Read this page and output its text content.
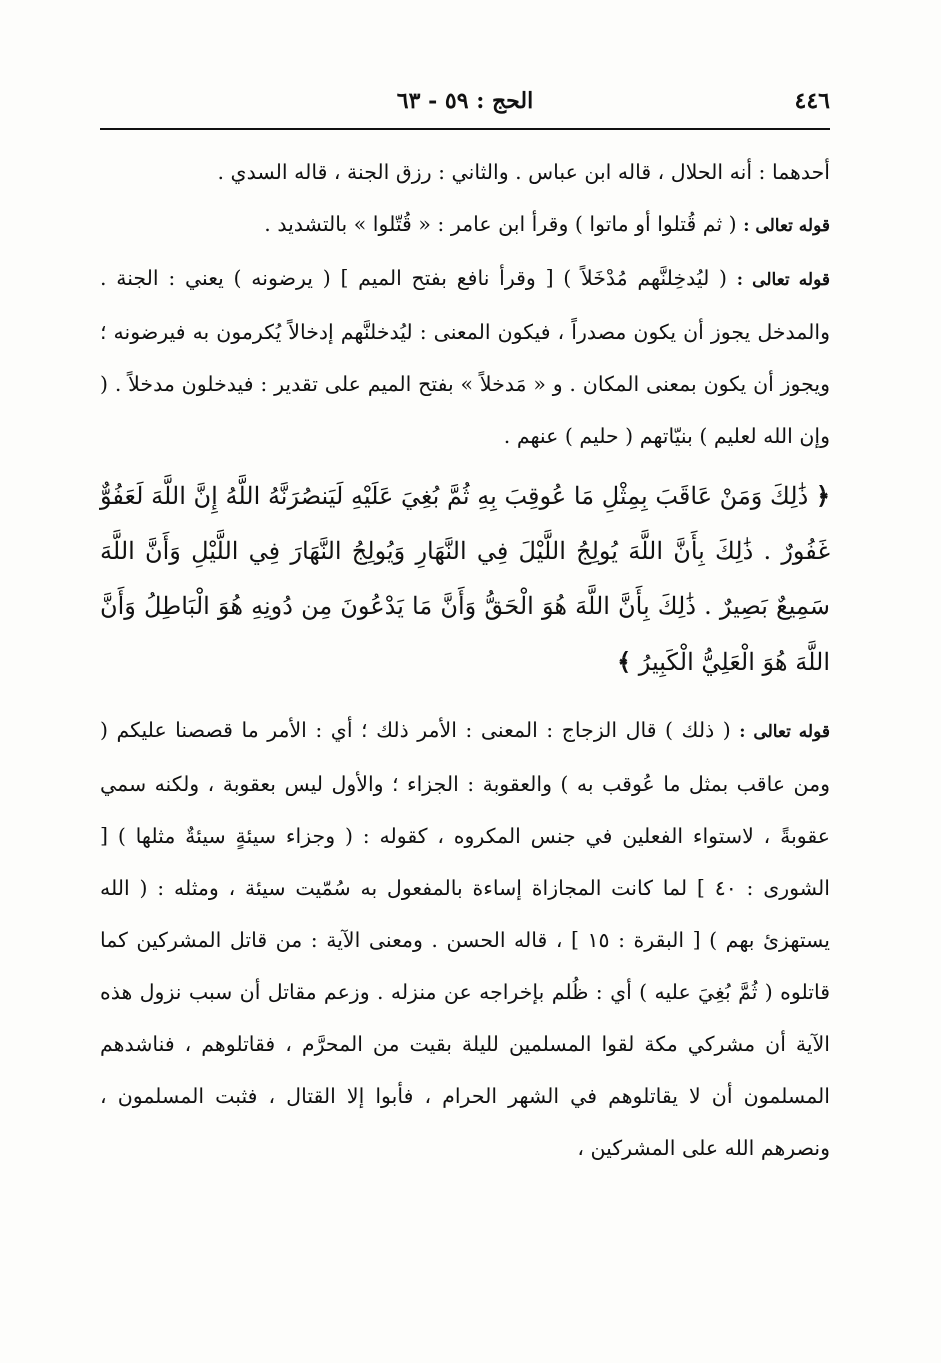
٤٤٦
الحج : ٥٩ - ٦٣

أحدهما : أنه الحلال ، قاله ابن عباس . والثاني : رزق الجنة ، قاله السدي .

قوله تعالى : ( ثم قُتلوا أو ماتوا ) وقرأ ابن عامر : « قُتّلوا » بالتشديد .

قوله تعالى : ( ليُدخِلنَّهم مُدْخَلاً ) [ وقرأ نافع بفتح الميم ] ( يرضونه ) يعني : الجنة . والمدخل يجوز أن يكون مصدراً ، فيكون المعنى : ليُدخلنَّهم إدخالاً يُكرمون به فيرضونه ؛ ويجوز أن يكون بمعنى المكان . و « مَدخلاً » بفتح الميم على تقدير : فيدخلون مدخلاً . ( وإن الله لعليم ) بنيّاتهم ( حليم ) عنهم .

﴿ ذَٰلِكَ وَمَنْ عَاقَبَ بِمِثْلِ مَا عُوقِبَ بِهِ ثُمَّ بُغِيَ عَلَيْهِ لَيَنصُرَنَّهُ اللَّهُ إِنَّ اللَّهَ لَعَفُوٌّ غَفُورٌ . ذَٰلِكَ بِأَنَّ اللَّهَ يُولِجُ اللَّيْلَ فِي النَّهَارِ وَيُولِجُ النَّهَارَ فِي اللَّيْلِ وَأَنَّ اللَّهَ سَمِيعٌ بَصِيرٌ . ذَٰلِكَ بِأَنَّ اللَّهَ هُوَ الْحَقُّ وَأَنَّ مَا يَدْعُونَ مِن دُونِهِ هُوَ الْبَاطِلُ وَأَنَّ اللَّهَ هُوَ الْعَلِيُّ الْكَبِيرُ ﴾

قوله تعالى : ( ذلك ) قال الزجاج : المعنى : الأمر ذلك ؛ أي : الأمر ما قصصنا عليكم ( ومن عاقب بمثل ما عُوقب به ) والعقوبة : الجزاء ؛ والأول ليس بعقوبة ، ولكنه سمي عقوبةً ، لاستواء الفعلين في جنس المكروه ، كقوله : ( وجزاء سيئةٍ سيئةٌ مثلها ) [ الشورى : ٤٠ ] لما كانت المجازاة إساءة بالمفعول به سُمّيت سيئة ، ومثله : ( الله يستهزئ بهم ) [ البقرة : ١٥ ] ، قاله الحسن . ومعنى الآية : من قاتل المشركين كما قاتلوه ( ثُمَّ بُغِيَ عليه ) أي : ظُلم بإخراجه عن منزله . وزعم مقاتل أن سبب نزول هذه الآية أن مشركي مكة لقوا المسلمين لليلة بقيت من المحرَّم ، فقاتلوهم ، فناشدهم المسلمون أن لا يقاتلوهم في الشهر الحرام ، فأبوا إلا القتال ، فثبت المسلمون ، ونصرهم الله على المشركين ،
